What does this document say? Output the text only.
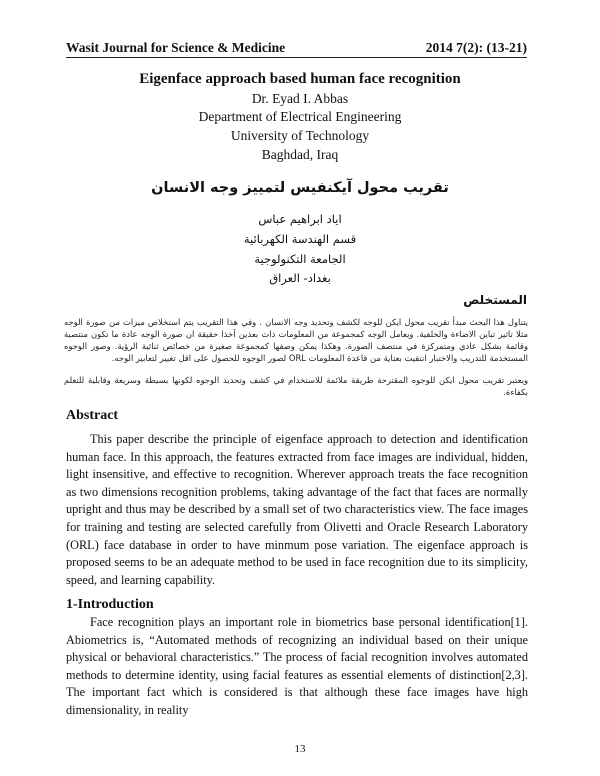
Wasit Journal for Science & Medicine	2014 7(2): (13-21)
Eigenface approach based human face recognition
Dr. Eyad I. Abbas
Department of Electrical Engineering
University of Technology
Baghdad, Iraq
تقريب محول آيكنفيس لتمييز وجه الانسان
اياد ابراهيم عباس
قسم الهندسة الكهربائية
الجامعة التكنولوجية
بغداد- العراق
المستخلص
يتناول هذا البحث مبدأ تقريب محول ايكن للوجه لكشف وتحديد وجه الانسان . وفي هذا التقريب يتم استخلاص ميزات من صورة الوجه مثلا تاثير تباين الاضاءة والخلفية. ويعامل الوجه كمجموعة من المعلومات ذات بعدين آخذا حقيقة ان صورة الوجه عادة ما تكون منتصبة وقائمة بشكل عادي ومتمركزة في منتصف الصورة. وهكذا يمكن وصفها كمجموعة صغيرة من خصائص ثنائية الرؤية. وصور الوجوه المستخدمة للتدريب والاختبار انتقيت بعناية من قاعدة المعلومات ORL لصور الوجوه للحصول على اقل تغيير لتعابير الوجه.
ويعتبر تقريب محول ايكن للوجوه المقترحة طريقة ملائمة للاستخدام في كشف وتحديد الوجوه لكونها بسيطة وسريعة وقابلية للتعلم بكفاءة.
Abstract

This paper describe the principle of eigenface approach to detection and identification human face. In this approach, the features extracted from face images are individual, hidden, light insensitive, and effective to recognition. Wherever approach treats the face recognition as two dimensions recognition problems, taking advantage of the fact that faces are normally upright and thus may be described by a small set of two characteristics view. The face images for training and testing are selected carefully from Olivetti and Oracle Research Laboratory (ORL) face database in order to have minmum pose variation. The eigenface approach is proposed seems to be an adequate method to be used in face recognition due to its simplicity, speed, and learning capability.

1-Introduction

Face recognition plays an important role in biometrics base personal identification[1]. Abiometrics is, “Automated methods of recognizing an individual based on their unique physical or behavioral characteristics.” The process of facial recognition involves automated methods to determine identity, using facial features as essential elements of distinction[2,3]. The important fact which is considered is that although these face images have high dimensionality, in reality

13
